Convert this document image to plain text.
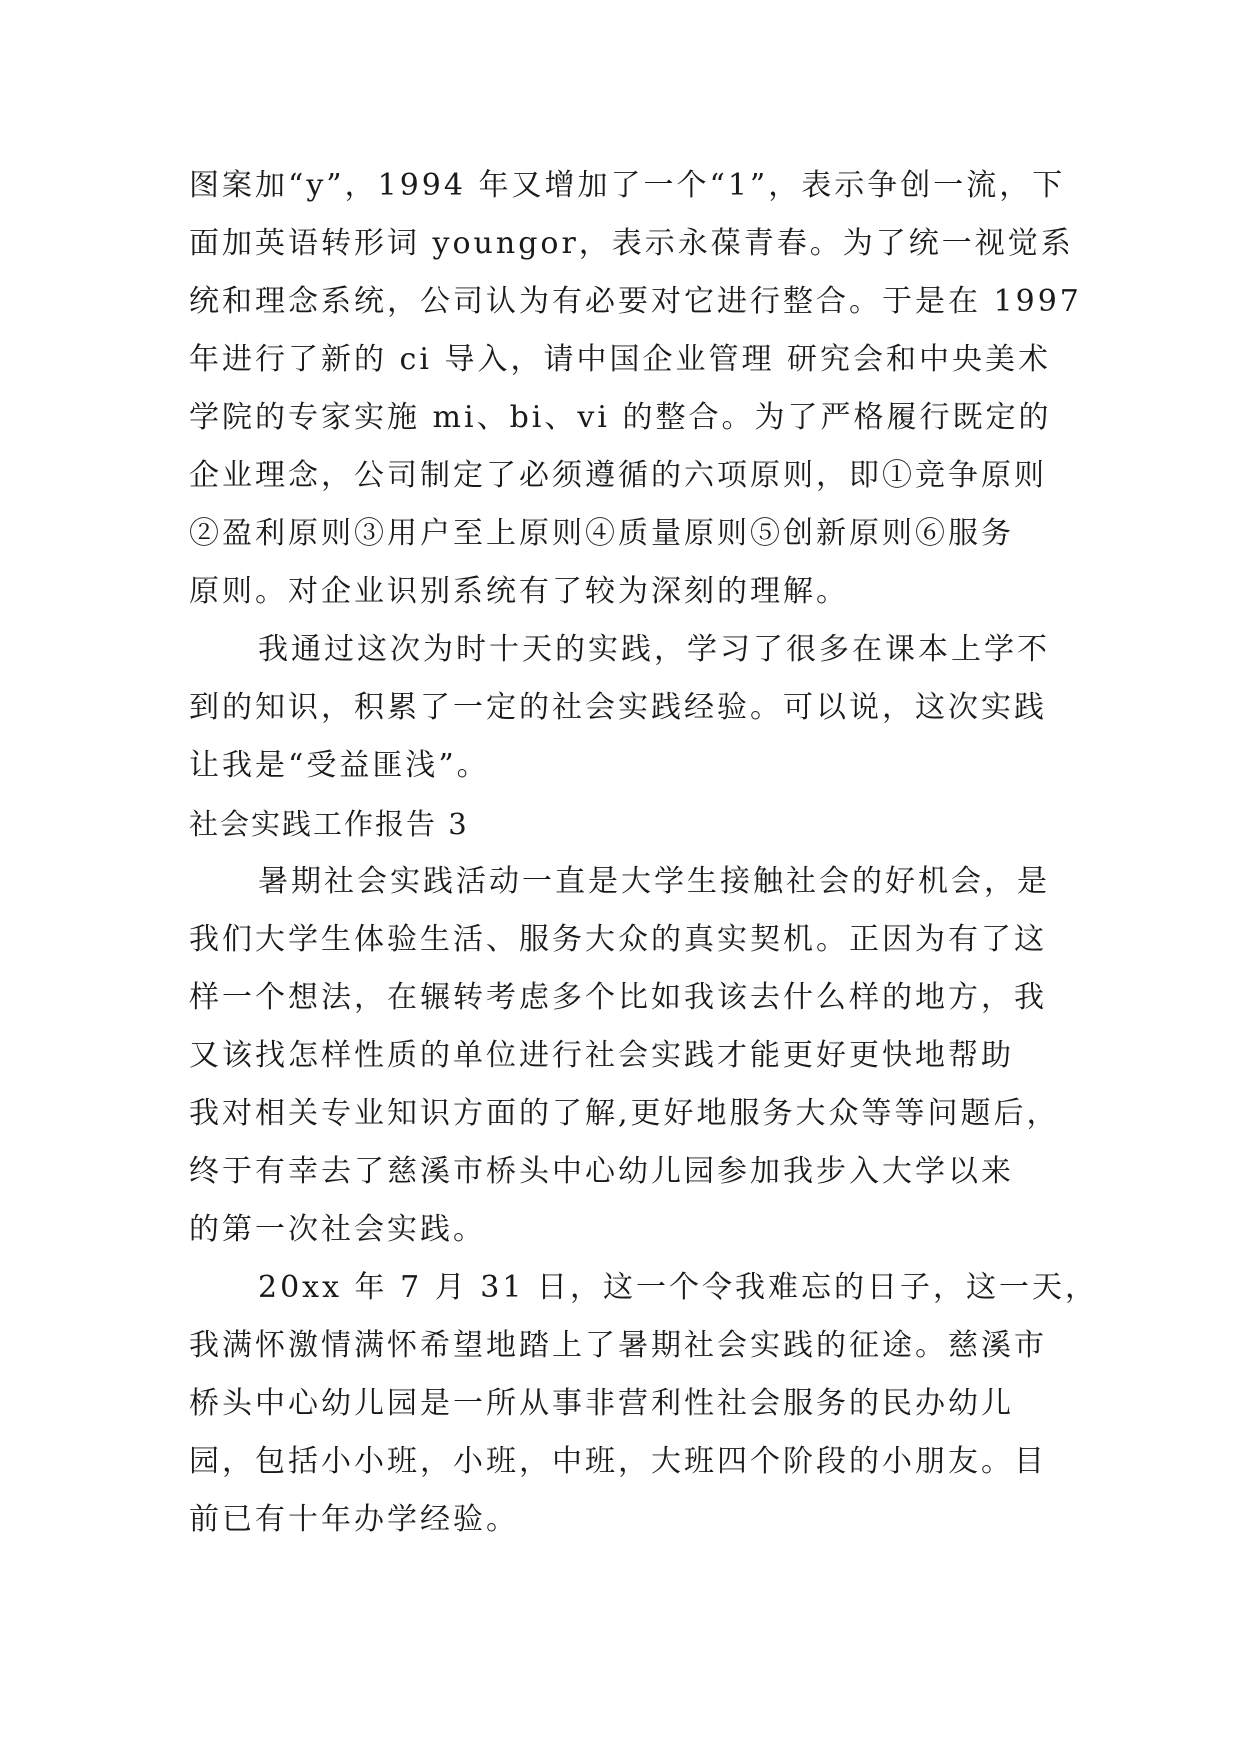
图案加“y”，1994 年又增加了一个“1”，表示争创一流，下
面加英语转形词 youngor，表示永葆青春。为了统一视觉系
统和理念系统，公司认为有必要对它进行整合。于是在 1997
年进行了新的 ci 导入，请中国企业管理 研究会和中央美术
学院的专家实施 mi、bi、vi 的整合。为了严格履行既定的
企业理念，公司制定了必须遵循的六项原则，即①竞争原则
②盈利原则③用户至上原则④质量原则⑤创新原则⑥服务
原则。对企业识别系统有了较为深刻的理解。
我通过这次为时十天的实践，学习了很多在课本上学不
到的知识，积累了一定的社会实践经验。可以说，这次实践
让我是“受益匪浅”。
社会实践工作报告 3
暑期社会实践活动一直是大学生接触社会的好机会，是
我们大学生体验生活、服务大众的真实契机。正因为有了这
样一个想法，在辗转考虑多个比如我该去什么样的地方，我
又该找怎样性质的单位进行社会实践才能更好更快地帮助
我对相关专业知识方面的了解,更好地服务大众等等问题后，
终于有幸去了慈溪市桥头中心幼儿园参加我步入大学以来
的第一次社会实践。
20xx 年 7 月 31 日，这一个令我难忘的日子，这一天，
我满怀激情满怀希望地踏上了暑期社会实践的征途。慈溪市
桥头中心幼儿园是一所从事非营利性社会服务的民办幼儿
园，包括小小班，小班，中班，大班四个阶段的小朋友。目
前已有十年办学经验。
